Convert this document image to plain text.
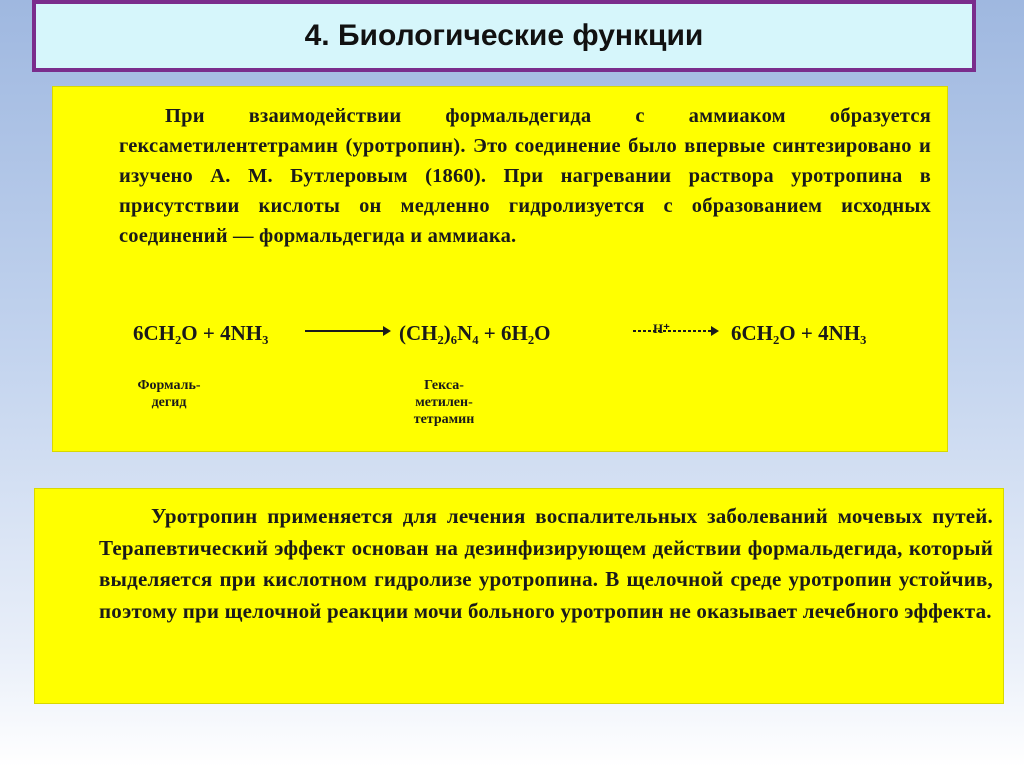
4. Биологические функции
При взаимодействии формальдегида с аммиаком образуется гексаметилентетрамин (уротропин). Это соединение было впервые синтезировано и изучено А. М. Бутлеровым (1860). При нагревании раствора уротропина в присутствии кислоты он медленно гидролизуется с образованием исходных соединений — формальдегида и аммиака.
6CH₂O + 4NH₃	(CH₂)₆N₄ + 6H₂O	H⁺	6CH₂O + 4NH₃
Формаль-
дегид
Гекса-
метилен-
тетрамин
Уротропин применяется для лечения воспалительных заболеваний мочевых путей. Терапевтический эффект основан на дезинфизирующем действии формальдегида, который выделяется при кислотном гидролизе уротропина. В щелочной среде уротропин устойчив, поэтому при щелочной реакции мочи больного уротропин не оказывает лечебного эффекта.
